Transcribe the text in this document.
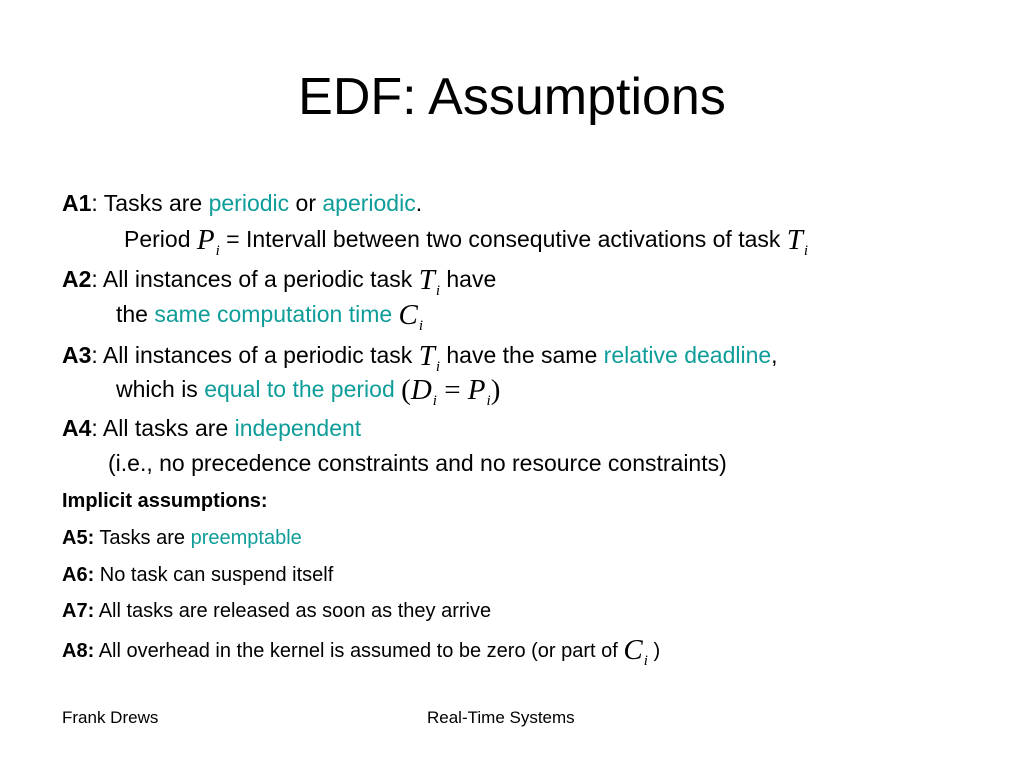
EDF: Assumptions
A1: Tasks are periodic or aperiodic.
Period $P_i$ = Intervall between two consequtive activations of task $T_i$
A2: All instances of a periodic task $T_i$ have
the same computation time $C_i$
A3: All instances of a periodic task $T_i$ have the same relative deadline,
which is equal to the period $(D_i = P_i)$
A4: All tasks are independent
(i.e., no precedence constraints and no resource constraints)
Implicit assumptions:
A5: Tasks are preemptable
A6: No task can suspend itself
A7: All tasks are released as soon as they arrive
A8: All overhead in the kernel is assumed to be zero (or part of $C_i$ )
Frank Drews	Real-Time Systems
